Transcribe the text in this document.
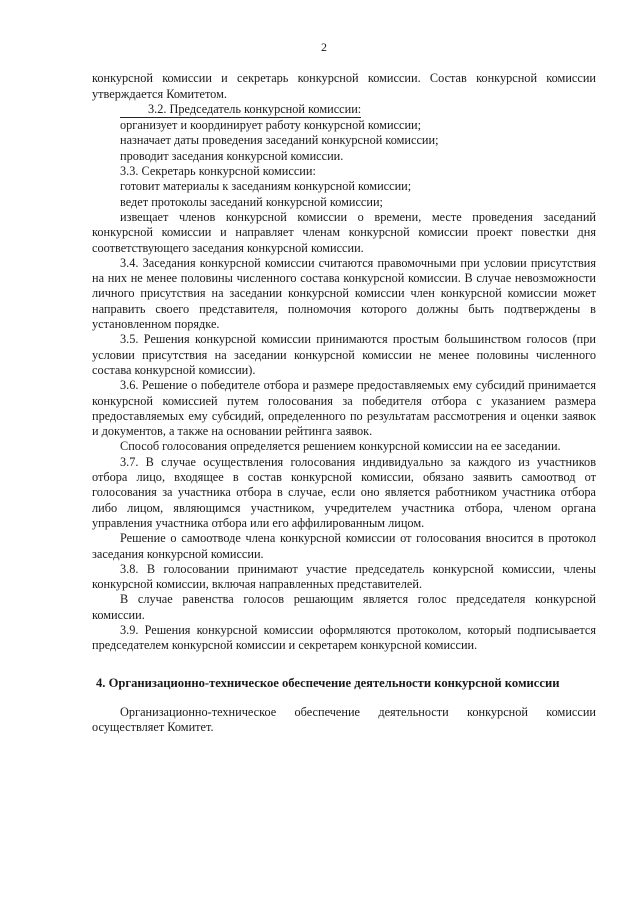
2

конкурсной комиссии и секретарь конкурсной комиссии. Состав конкурсной комиссии утверждается Комитетом.

3.2. Председатель конкурсной комиссии:

организует и координирует работу конкурсной комиссии;

назначает даты проведения заседаний конкурсной комиссии;

проводит заседания конкурсной комиссии.

3.3. Секретарь конкурсной комиссии:

готовит материалы к заседаниям конкурсной комиссии;

ведет протоколы заседаний конкурсной комиссии;

извещает членов конкурсной комиссии о времени, месте проведения заседаний конкурсной комиссии и направляет членам конкурсной комиссии проект повестки дня соответствующего заседания конкурсной комиссии.

3.4. Заседания конкурсной комиссии считаются правомочными при условии присутствия на них не менее половины численного состава конкурсной комиссии. В случае невозможности личного присутствия на заседании конкурсной комиссии член конкурсной комиссии может направить своего представителя, полномочия которого должны быть подтверждены в установленном порядке.

3.5. Решения конкурсной комиссии принимаются простым большинством голосов (при условии присутствия на заседании конкурсной комиссии не менее половины численного состава конкурсной комиссии).

3.6. Решение о победителе отбора и размере предоставляемых ему субсидий принимается конкурсной комиссией путем голосования за победителя отбора с указанием размера предоставляемых ему субсидий, определенного по результатам рассмотрения и оценки заявок и документов, а также на основании рейтинга заявок.

Способ голосования определяется решением конкурсной комиссии на ее заседании.

3.7. В случае осуществления голосования индивидуально за каждого из участников отбора лицо, входящее в состав конкурсной комиссии, обязано заявить самоотвод от голосования за участника отбора в случае, если оно является работником участника отбора либо лицом, являющимся участником, учредителем участника отбора, членом органа управления участника отбора или его аффилированным лицом.

Решение о самоотводе члена конкурсной комиссии от голосования вносится в протокол заседания конкурсной комиссии.

3.8. В голосовании принимают участие председатель конкурсной комиссии, члены конкурсной комиссии, включая направленных представителей.

В случае равенства голосов решающим является голос председателя конкурсной комиссии.

3.9. Решения конкурсной комиссии оформляются протоколом, который подписывается председателем конкурсной комиссии и секретарем конкурсной комиссии.

4. Организационно-техническое обеспечение деятельности конкурсной комиссии

Организационно-техническое обеспечение деятельности конкурсной комиссии осуществляет Комитет.
